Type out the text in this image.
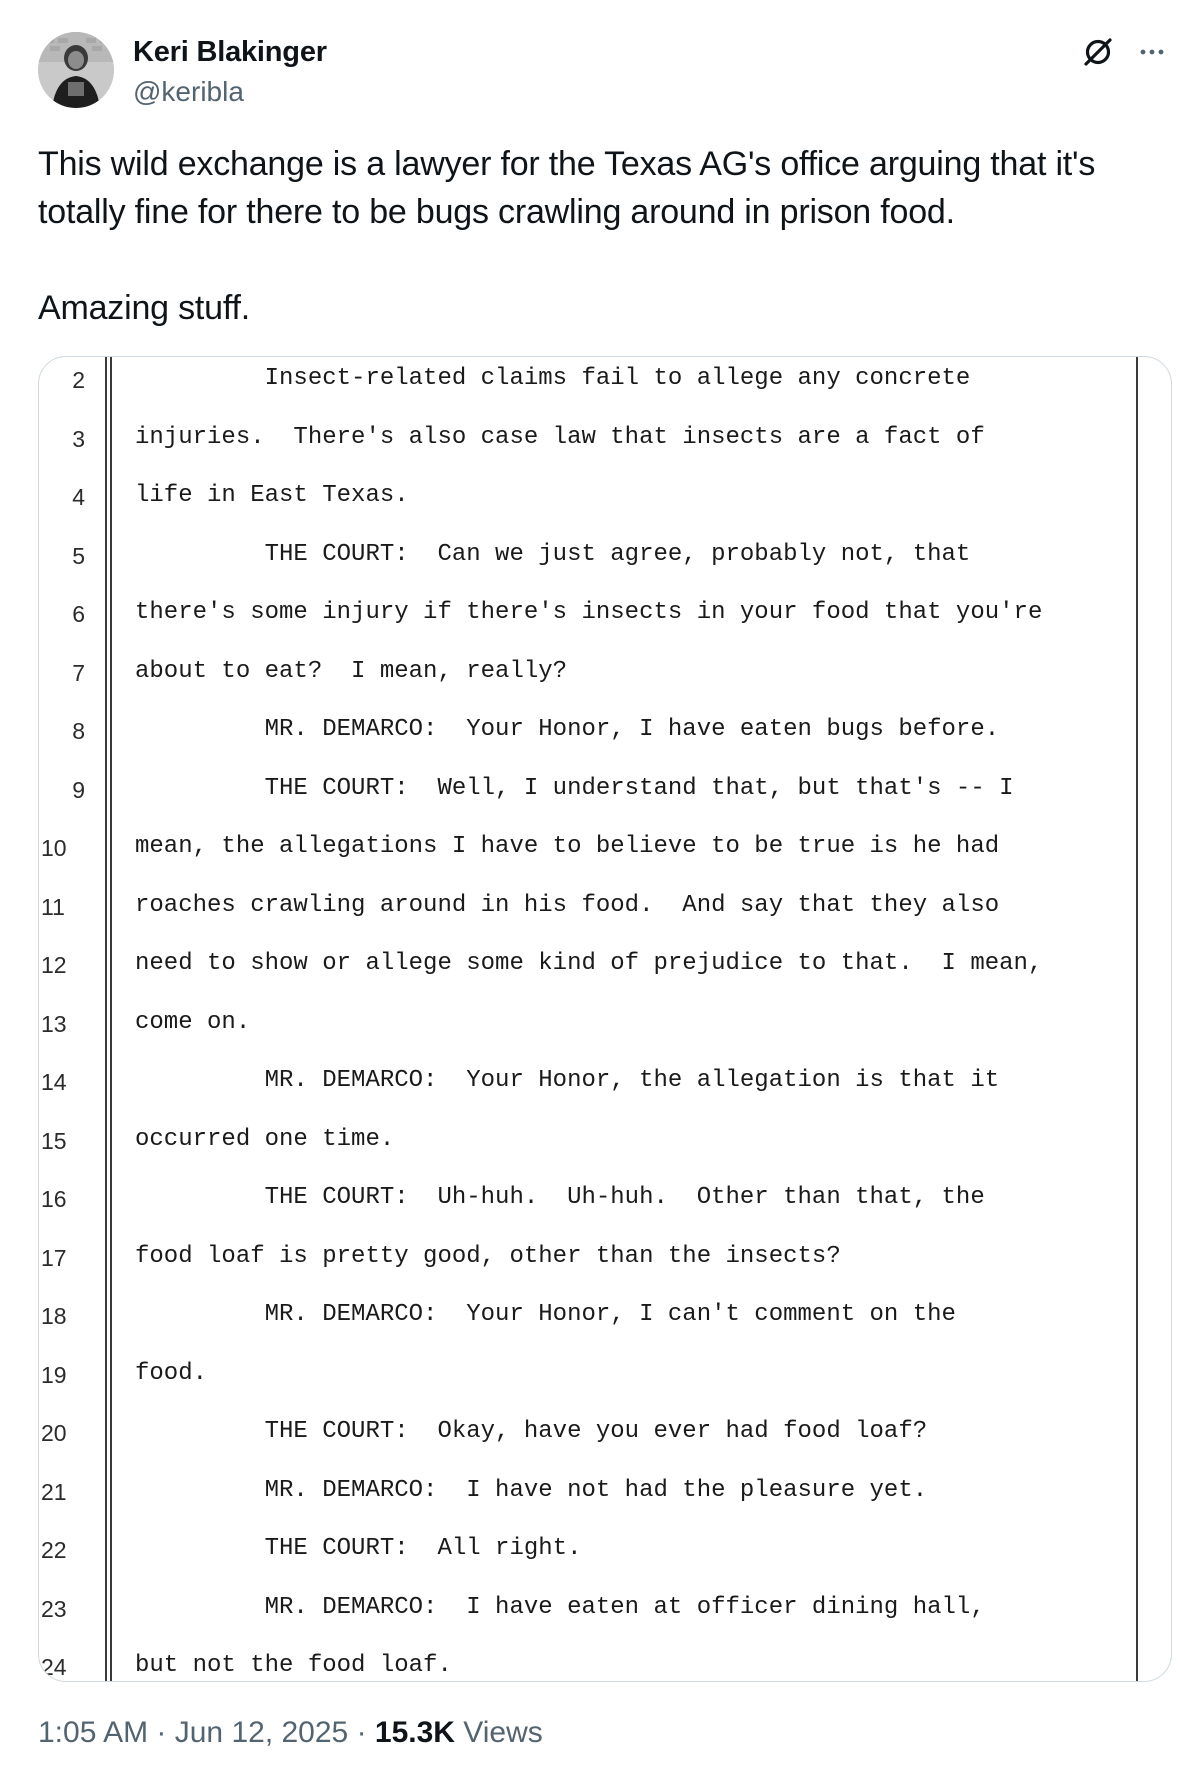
Keri Blakinger
@keribla

This wild exchange is a lawyer for the Texas AG's office arguing that it's totally fine for there to be bugs crawling around in prison food.

Amazing stuff.

2 Insect-related claims fail to allege any concrete
3 injuries.  There's also case law that insects are a fact of
4 life in East Texas.
5 THE COURT:  Can we just agree, probably not, that
6 there's some injury if there's insects in your food that you're
7 about to eat?  I mean, really?
8 MR. DEMARCO:  Your Honor, I have eaten bugs before.
9 THE COURT:  Well, I understand that, but that's -- I
10	mean, the allegations I have to believe to be true is he had
11	roaches crawling around in his food.  And say that they also
12	need to show or allege some kind of prejudice to that.  I mean,
13	come on.
14	MR. DEMARCO:  Your Honor, the allegation is that it
15	occurred one time.
16	THE COURT:  Uh-huh.  Uh-huh.  Other than that, the
17	food loaf is pretty good, other than the insects?
18	MR. DEMARCO:  Your Honor, I can't comment on the
19	food.
20	THE COURT:  Okay, have you ever had food loaf?
21	MR. DEMARCO:  I have not had the pleasure yet.
22	THE COURT:  All right.
23	MR. DEMARCO:  I have eaten at officer dining hall,
24	but not the food loaf.
1:05 AM · Jun 12, 2025 · 15.3K Views
